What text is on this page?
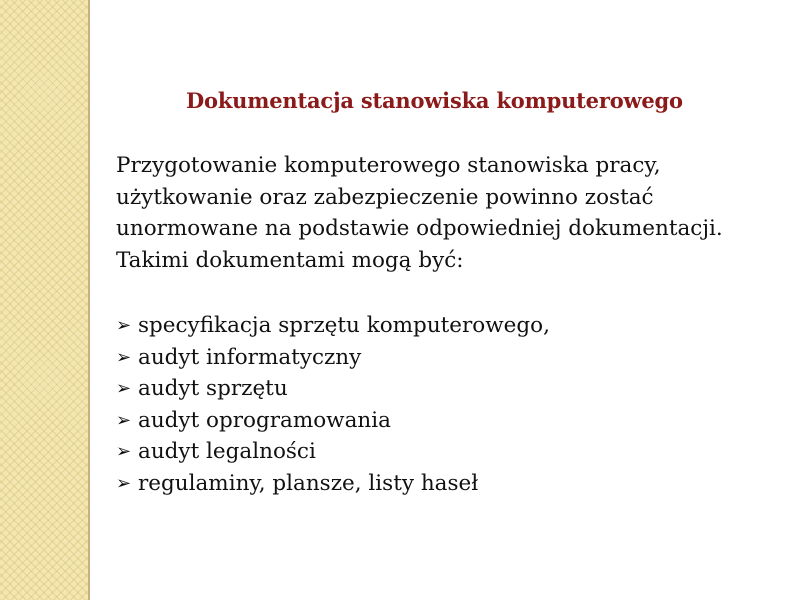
Dokumentacja stanowiska komputerowego
Przygotowanie komputerowego stanowiska pracy,
użytkowanie oraz zabezpieczenie powinno zostać
unormowane na podstawie odpowiedniej dokumentacji.
Takimi dokumentami mogą być:
➢ specyfikacja sprzętu komputerowego,
➢ audyt informatyczny
➢ audyt sprzętu
➢ audyt oprogramowania
➢ audyt legalności
➢ regulaminy, plansze, listy haseł
